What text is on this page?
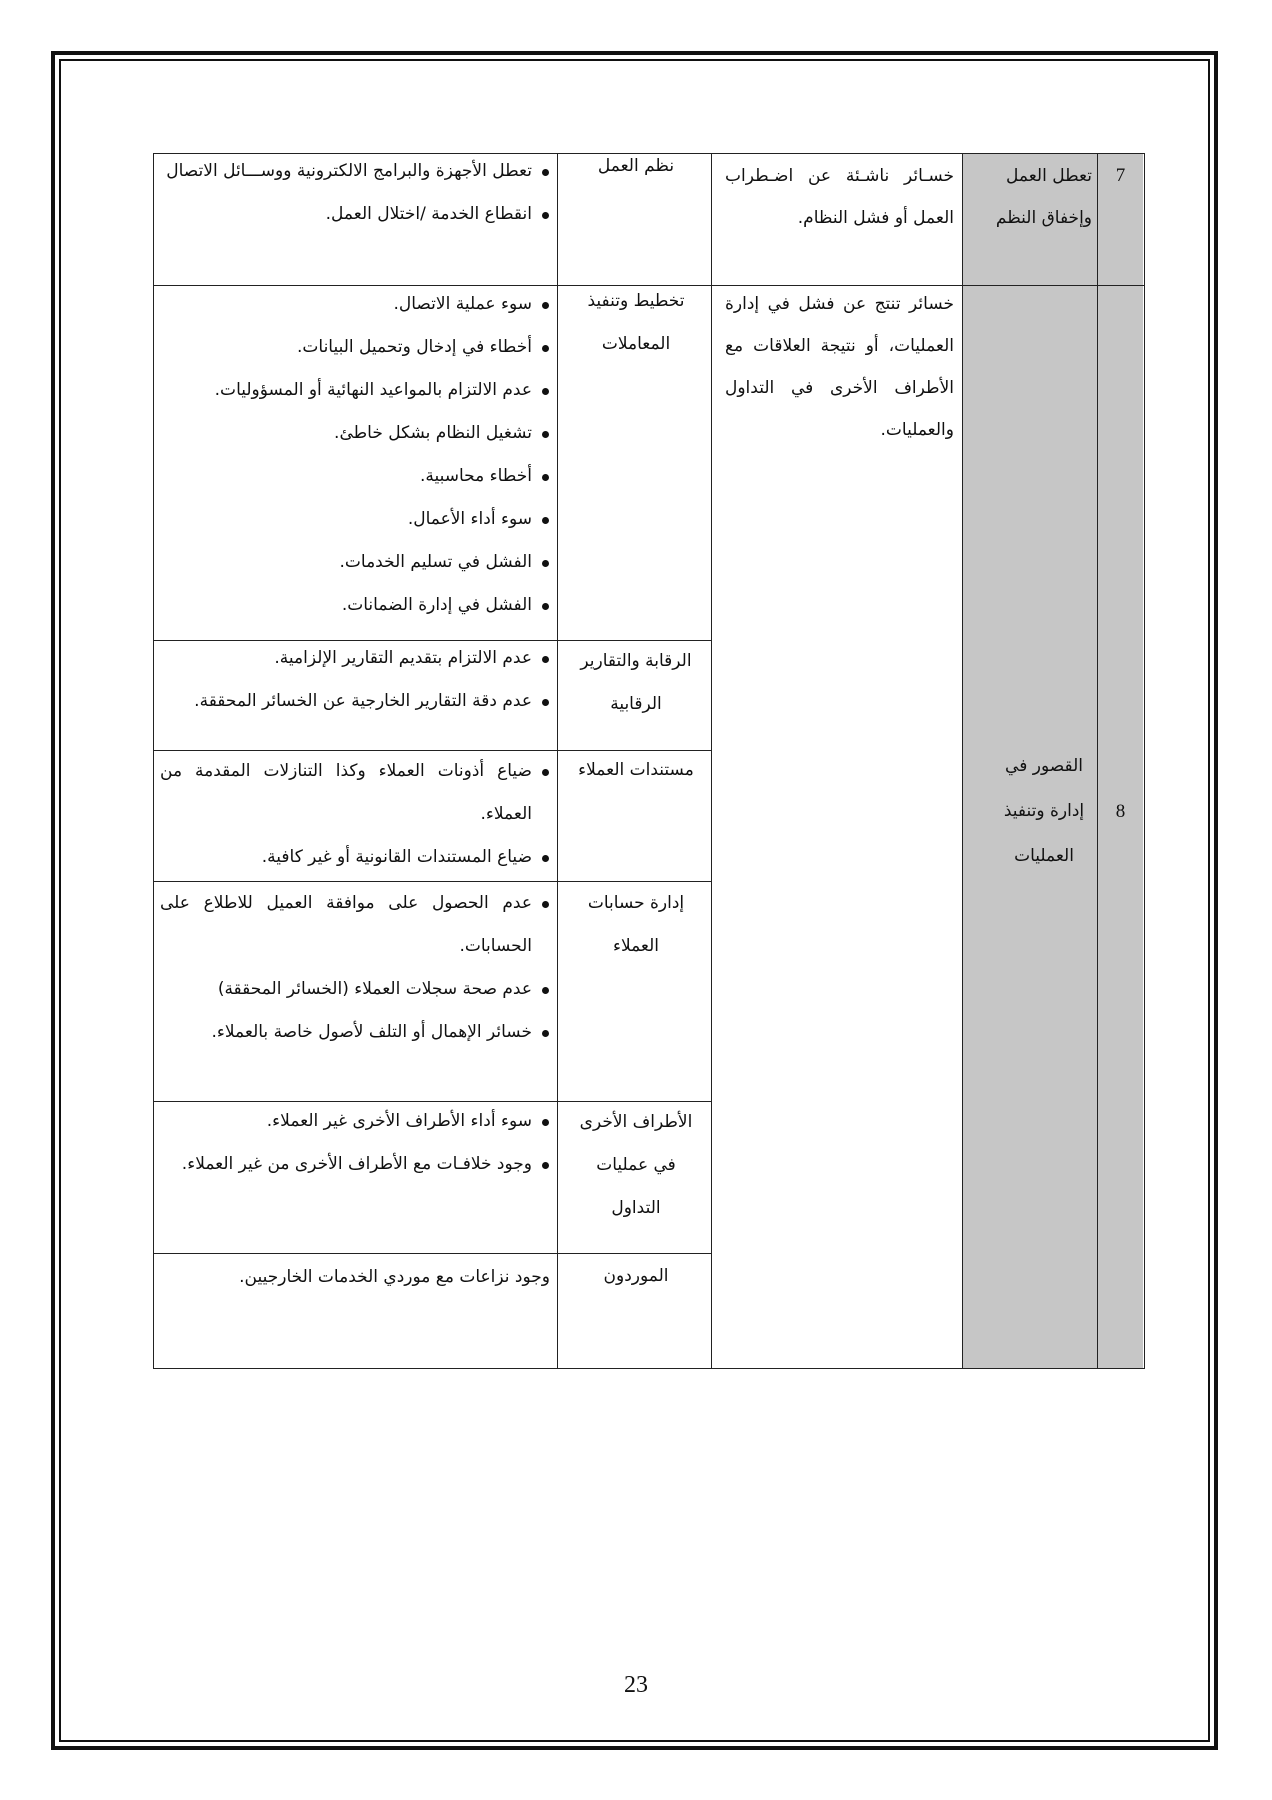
7
تعطل العمل وإخفاق النظم
خسـائر ناشـئة عن اضـطراب العمل أو فشل النظام.
نظم العمل
تعطل الأجهزة والبرامج الالكترونية ووســـائل الاتصال
انقطاع الخدمة /اختلال العمل.
8
القصور في إدارة وتنفيذ العمليات
خسائر تنتج عن فشل في إدارة العمليات، أو نتيجة العلاقات مع الأطراف الأخرى في التداول والعمليات.
تخطيط وتنفيذ المعاملات
سوء عملية الاتصال.
أخطاء في إدخال وتحميل البيانات.
عدم الالتزام بالمواعيد النهائية أو المسؤوليات.
تشغيل النظام بشكل خاطئ.
أخطاء محاسبية.
سوء أداء الأعمال.
الفشل في تسليم الخدمات.
الفشل في إدارة الضمانات.
الرقابة والتقارير الرقابية
عدم الالتزام بتقديم التقارير الإلزامية.
عدم دقة التقارير الخارجية عن الخسائر المحققة.
مستندات العملاء
ضياع أذونات العملاء وكذا التنازلات المقدمة من العملاء.
ضياع المستندات القانونية أو غير كافية.
إدارة حسابات العملاء
عدم الحصول على موافقة العميل للاطلاع على الحسابات.
عدم صحة سجلات العملاء (الخسائر المحققة)
خسائر الإهمال أو التلف لأصول خاصة بالعملاء.
الأطراف الأخرى في عمليات التداول
سوء أداء الأطراف الأخرى غير العملاء.
وجود خلافـات مع الأطراف الأخرى من غير العملاء.
الموردون
وجود نزاعات مع موردي الخدمات الخارجيين.
23
